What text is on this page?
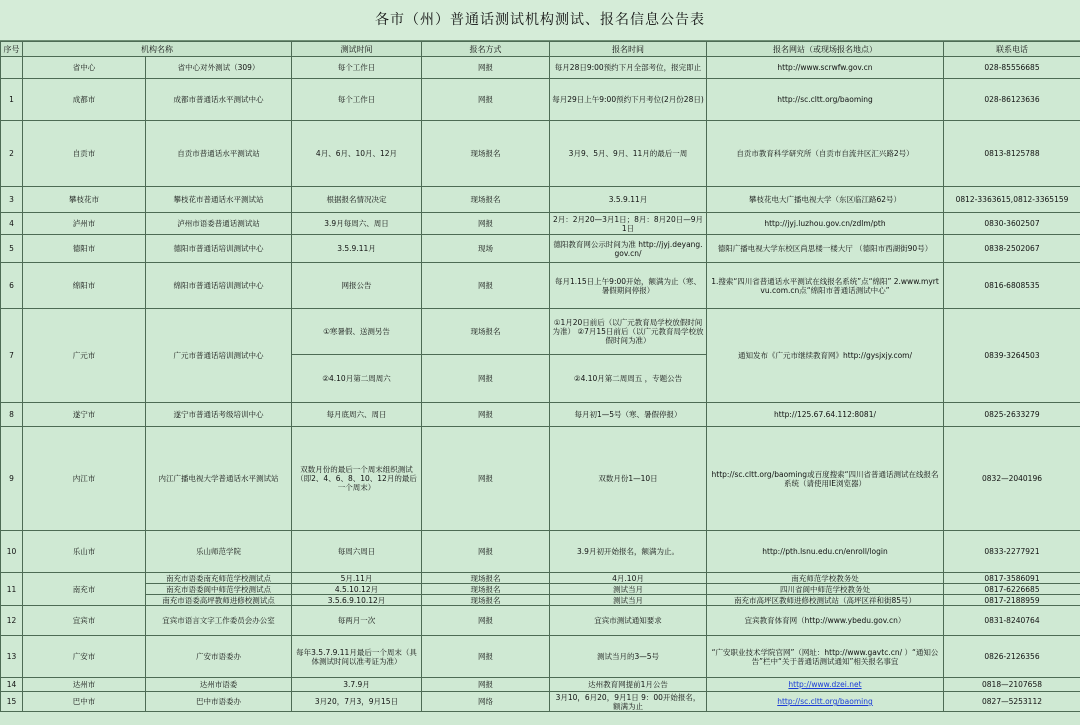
各市（州）普通话测试机构测试、报名信息公告表
序号	机构名称		测试时间	报名方式	报名时间	报名网站（或现场报名地点）	联系电话
	省中心	省中心对外测试（309）	每个工作日	网报	每月28日9:00预约下月全部考位，报完即止	http://www.scrwfw.gov.cn	028-85556685
1	成都市	成都市普通话水平测试中心	每个工作日	网报	每月29日上午9:00预约下月考位(2月份28日)	http://sc.cltt.org/baoming	028-86123636
2	自贡市	自贡市普通话水平测试站	4月、6月、10月、12月	现场报名	3月9、5月、9月、11月的最后一周	自贡市教育科学研究所（自贡市自流井区汇兴路2号）	0813-8125788
3	攀枝花市	攀枝花市普通话水平测试站	根据报名情况决定	现场报名	3.5.9.11月	攀枝花电大广播电视大学（东区临江路62号）	0812-3363615,0812-3365159
4	泸州市	泸州市语委普通话测试站	3.9月每周六、周日	网报	2月：2月20—3月1日；8月：8月20日—9月1日	http://jyj.luzhou.gov.cn/zdlm/pth	0830-3602507
5	德阳市	德阳市普通话培训测试中心	3.5.9.11月	现场	德阳教育网公示时间为准 http://jyj.deyang.gov.cn/	德阳广播电视大学东校区尚思楼一楼大厅 （德阳市西湖街90号）	0838-2502067
6	绵阳市	绵阳市普通话培训测试中心	网报公告	网报	每月1.15日上午9:00开始，额满为止（寒、暑假期间停报）	1.搜索“四川省普通话水平测试在线报名系统”点“绵阳” 2.www.myrtvu.com.cn点“绵阳市普通话测试中心”	0816-6808535
7	广元市	广元市普通话培训测试中心	①寒暑假、送测另告	现场报名	①1月20日前后（以广元教育局学校放假时间为准） ②7月15日前后（以广元教育局学校放假时间为准）	通知发布《广元市继续教育网》http://gysjxjy.com/	0839-3264503
			②4.10月第二周周六	网报	②4.10月第二周周五 ，专题公告		
8	遂宁市	遂宁市普通话考级培训中心	每月底周六、周日	网报	每月初1—5号（寒、暑假停报）	http://125.67.64.112:8081/	0825-2633279
9	内江市	内江广播电视大学普通话水平测试站	双数月份的最后一个周末组织测试（即2、4、6、8、10、12月的最后一个周末）	网报	双数月份1—10日	http://sc.cltt.org/baoming或百度搜索“四川省普通话测试在线报名系统（请使用IE浏览器）	0832—2040196
10	乐山市	乐山师范学院	每周六周日	网报	3.9月初开始报名，额满为止。	http://pth.lsnu.edu.cn/enroll/login	0833-2277921
11	南充市	南充市语委南充师范学校测试点	5月.11月	现场报名	4月.10月	南充师范学校教务处	0817-3586091
		南充市语委阆中师范学校测试点	4.5.10.12月	现场报名	测试当月	四川省阆中师范学校教务处	0817-6226685
		南充市语委高坪教师进修校测试点	3.5.6.9.10.12月	现场报名	测试当月	南充市高坪区教师进修校测试站（高坪区祥和街85号）	0817-2188959
12	宜宾市	宜宾市语言文字工作委员会办公室	每两月一次	网报	宜宾市测试通知要求	宜宾教育体育网（http://www.ybedu.gov.cn）	0831-8240764
13	广安市	广安市语委办	每年3.5.7.9.11月最后一个周末（具体测试时间以准考证为准）	网报	测试当月的3—5号	“广安职业技术学院官网”（网址：http://www.gavtc.cn/ ）“通知公告”栏中“关于普通话测试通知”相关报名事宜	0826-2126356
14	达州市	达州市语委	3.7.9月	网报	达州教育网提前1月公告	http://www.dzei.net	0818—2107658
15	巴中市	巴中市语委办	3月20，7月3，9月15日	网络	3月10，6月20，9月1日 9：00开始报名，额满为止	http://sc.cltt.org/baoming	0827—5253112
